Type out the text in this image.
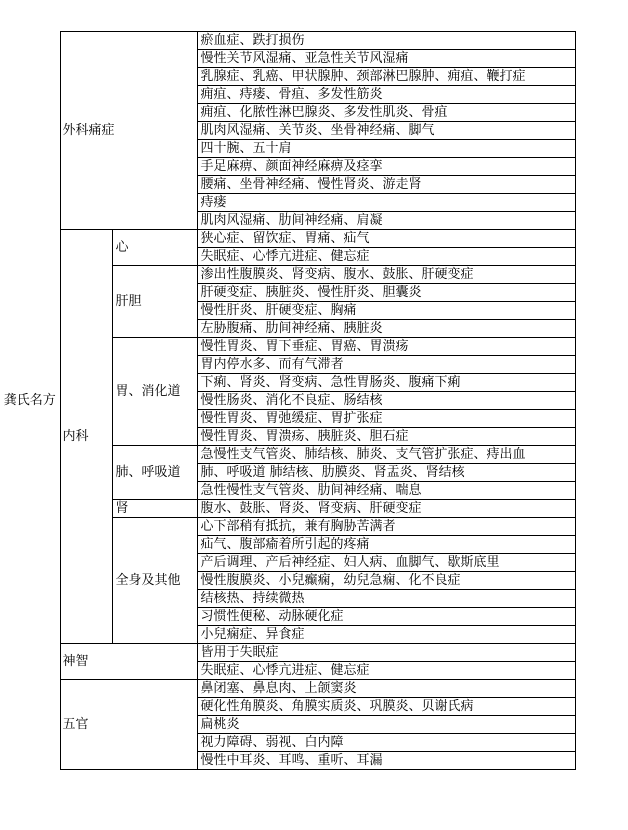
龚氏名方	外科痛症		瘀血症、跌打损伤
			慢性关节风湿痛、亚急性关节风湿痛
			乳腺症、乳癌、甲状腺肿、颈部淋巴腺肿、痈疽、鞭打症
			痈疽、痔瘘、骨疽、多发性筋炎
			痈疽、化脓性淋巴腺炎、多发性肌炎、骨疽
			肌肉风湿痛、关节炎、坐骨神经痛、脚气
			四十腕、五十肩
			手足麻痹、颜面神经麻痹及痉挛
			腰痛、坐骨神经痛、慢性肾炎、游走肾
			痔瘘
			肌肉风湿痛、肋间神经痛、肩凝
	内科	心	狭心症、留饮症、胃痛、疝气
			失眠症、心悸亢进症、健忘症
		肝胆	渗出性腹膜炎、肾变病、腹水、鼓胀、肝硬变症
			肝硬变症、胰脏炎、慢性肝炎、胆囊炎
			慢性肝炎、肝硬变症、胸痛
			左胁腹痛、肋间神经痛、胰脏炎
		胃、消化道	慢性胃炎、胃下垂症、胃癌、胃溃疡
			胃内停水多、而有气滞者
			下痢、肾炎、肾变病、急性胃肠炎、腹痛下痢
			慢性肠炎、消化不良症、肠结核
			慢性胃炎、胃弛缓症、胃扩张症
			慢性胃炎、胃溃疡、胰脏炎、胆石症
		肺、呼吸道	急慢性支气管炎、肺结核、肺炎、支气管扩张症、痔出血
			肺、呼吸道 肺结核、肋膜炎、肾盂炎、肾结核
			急性慢性支气管炎、肋间神经痛、喘息
		肾	腹水、鼓胀、肾炎、肾变病、肝硬变症
		全身及其他	心下部稍有抵抗，兼有胸胁苦满者
			疝气、腹部瘉着所引起的疼痛
			产后调理、产后神经症、妇人病、血脚气、歇斯底里
			慢性腹膜炎、小兒癫痫，幼兒急痫、化不良症
			结核热、持续微热
			习惯性便秘、动脉硬化症
			小兒痫症、异食症
	神智		皆用于失眠症
			失眠症、心悸亢进症、健忘症
	五官		鼻闭塞、鼻息肉、上颌窦炎
			硬化性角膜炎、角膜实质炎、巩膜炎、贝谢氏病
			扁桃炎
			视力障碍、弱视、白内障
			慢性中耳炎、耳鸣、重听、耳漏
